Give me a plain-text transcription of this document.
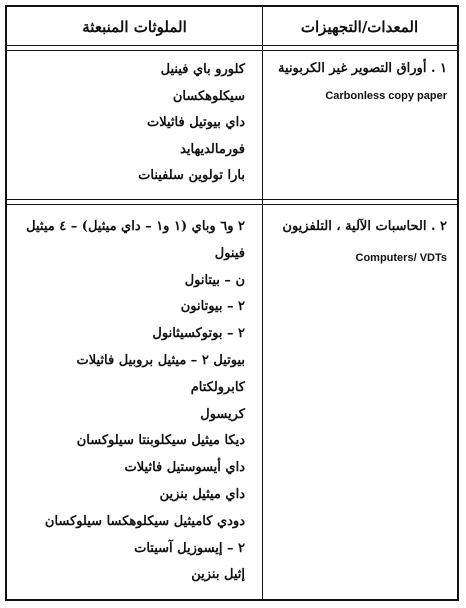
المعدات/التجهيزات
الملوثات المنبعثة
١ . أوراق التصوير غير الكربونية
Carbonless copy paper
كلورو باي فينيل
سيكلوهكسان
داي بيوتيل فاثيلات
فورمالديهايد
بارا تولوين سلفينات
٢ . الحاسبات الآلية ، التلفزيون
Computers/ VDTs
٢ و٦ وباي (١ و١ – داي ميثيل) – ٤ ميثيل
فينول
ن – بيتانول
٢ – بيوتانون
٢ – بوتوكسيثانول
بيوتيل ٢ – ميثيل بروبيل فاثيلات
كابرولكتام
كريسول
ديكا ميثيل سيكلوبنتا سيلوكسان
داي أيسوستيل فاثيلات
داي ميثيل بنزين
دودي كاميثيل سيكلوهكسا سيلوكسان
٢ – إيسوزيل آسيتات
إثيل بنزين
